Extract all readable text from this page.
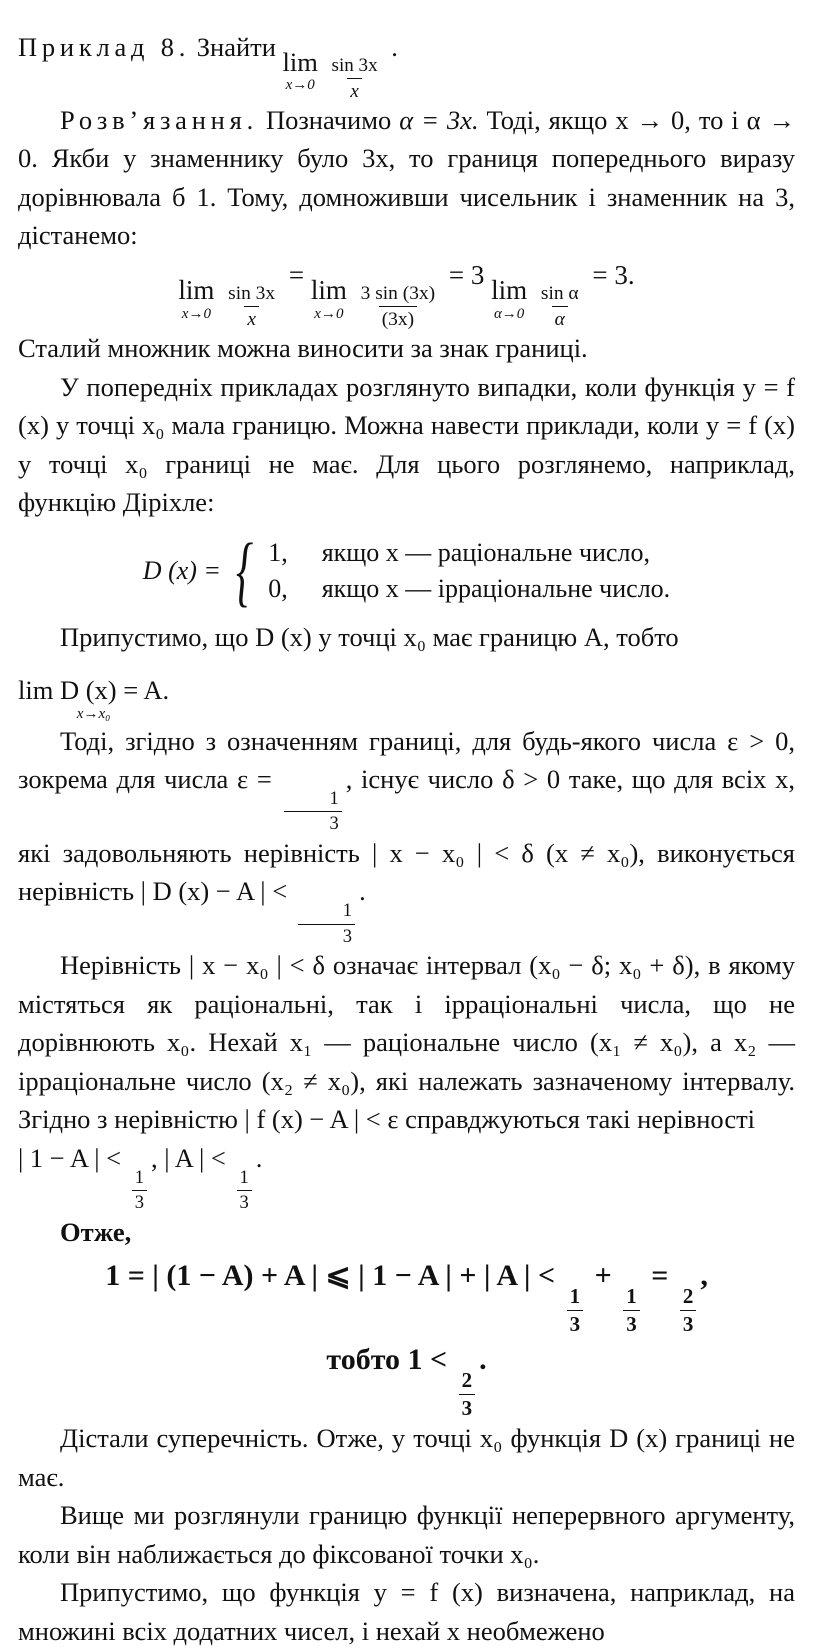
Приклад 8. Знайти lim
x→0
$\frac{\sin 3x}{x}$
.

Розв’язання. Позначимо α = 3x. Тоді, якщо x → 0, то і α → 0. Якби у знаменнику було 3x, то границя попереднього виразу дорівнювала б 1. Тому, домноживши чисельник і знаменник на 3, дістанемо:

lim
x→0
$\frac{\sin 3x}{x}$
= lim
x→0
$\frac{3 \sin (3x)}{(3x)}$
= 3 lim
α→0
$\frac{\text{sin α}}{\alpha}$
= 3.

Сталий множник можна виносити за знак границі.

У попередніх прикладах розглянуто випадки, коли функція y = f (x) у точці x₀ мала границю. Можна навести приклади, коли y = f (x) у точці x₀ границі не має. Для цього розглянемо, наприклад, функцію Діріхле:

D (x) = { 1, якщо x — раціональне число,
0, якщо x — ірраціональне число.

Припустимо, що D (x) у точці x₀ має границю A, тобто

lim D (x) = A.
x→x₀

Тоді, згідно з означенням границі, для будь-якого числа ε > 0, зокрема для числа ε =
$\frac{1}{3}$
, існує число δ > 0 таке, що для всіх x, які задовольняють нерівність | x − x₀ | < δ (x ≠ x₀), виконується нерівність | D (x) − A | <
$\frac{1}{3}$
.

Нерівність | x − x₀ | < δ означає інтервал (x₀ − δ; x₀ + δ), в якому містяться як раціональні, так і ірраціональні числа, що не дорівнюють x₀. Нехай x₁ — раціональне число (x₁ ≠ x₀), а x₂ — ірраціональне число (x₂ ≠ x₀), які належать зазначеному інтервалу. Згідно з нерівністю | f (x) − A | < ε справджуються такі нерівності

| 1 − A | <
$\frac{1}{3}$
, | A | <
$\frac{1}{3}$
.

Отже,

1 = | (1 − A) + A | ⩽ | 1 − A | + | A | <
$\frac{1}{3}$
+
$\frac{1}{3}$
=
$\frac{2}{3}$
,
тобто 1 <
$\frac{2}{3}$
.

Дістали суперечність. Отже, у точці x₀ функція D (x) границі не має.

Вище ми розглянули границю функції неперервного аргументу, коли він наближається до фіксованої точки x₀.

Припустимо, що функція y = f (x) визначена, наприклад, на множині всіх додатних чисел, і нехай x необмежено
